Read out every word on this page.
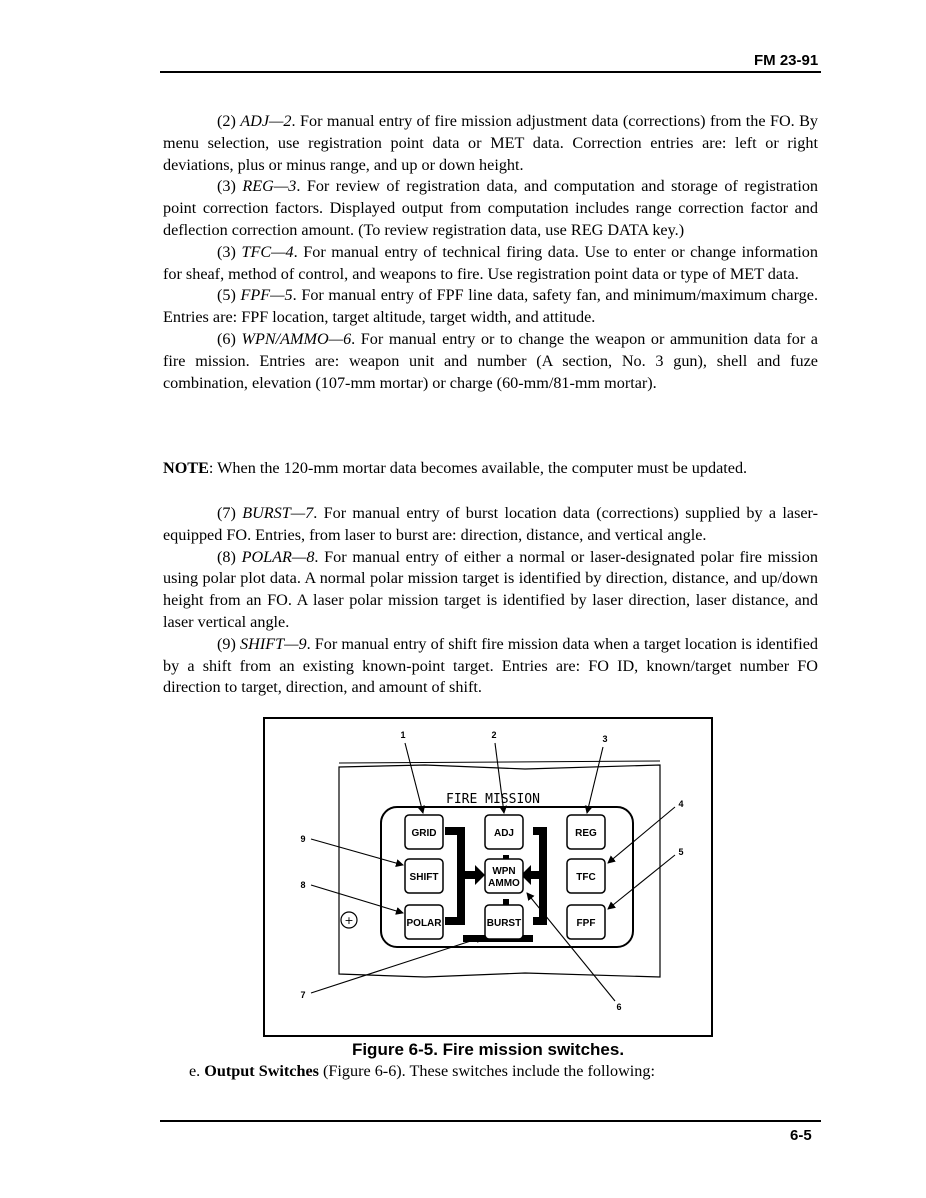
FM 23-91

(2) ADJ—2. For manual entry of fire mission adjustment data (corrections) from the FO. By menu selection, use registration point data or MET data. Correction entries are: left or right deviations, plus or minus range, and up or down height.

(3) REG—3. For review of registration data, and computation and storage of registration point correction factors. Displayed output from computation includes range correction factor and deflection correction amount. (To review registration data, use REG DATA key.)

(3) TFC—4. For manual entry of technical firing data. Use to enter or change information for sheaf, method of control, and weapons to fire. Use registration point data or type of MET data.

(5) FPF—5. For manual entry of FPF line data, safety fan, and minimum/maximum charge. Entries are: FPF location, target altitude, target width, and attitude.

(6) WPN/AMMO—6. For manual entry or to change the weapon or ammunition data for a fire mission. Entries are: weapon unit and number (A section, No. 3 gun), shell and fuze combination, elevation (107-mm mortar) or charge (60-mm/81-mm mortar).

NOTE: When the 120-mm mortar data becomes available, the computer must be updated.

(7) BURST—7. For manual entry of burst location data (corrections) supplied by a laser-equipped FO. Entries, from laser to burst are: direction, distance, and vertical angle.

(8) POLAR—8. For manual entry of either a normal or laser-designated polar fire mission using polar plot data. A normal polar mission target is identified by direction, distance, and up/down height from an FO. A laser polar mission target is identified by laser direction, laser distance, and laser vertical angle.

(9) SHIFT—9. For manual entry of shift fire mission data when a target location is identified by a shift from an existing known-point target. Entries are: FO ID, known/target number FO direction to target, direction, and amount of shift.

FIRE MISSION
+
GRID
SHIFT
POLAR
ADJ
WPN
AMMO
BURST
REG
TFC
FPF
1	2	3
4
5
6
7
8
9
Figure 6-5. Fire mission switches.
e. Output Switches (Figure 6-6). These switches include the following:
6-5
